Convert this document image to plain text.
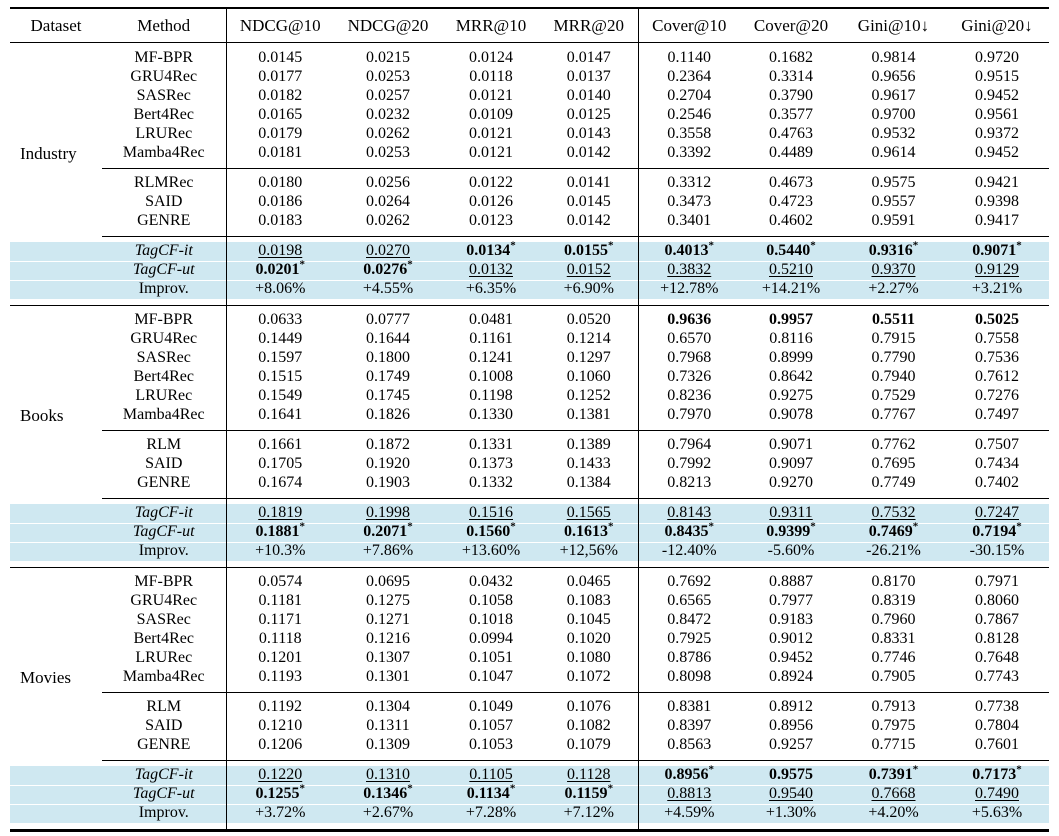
Dataset	Method	NDCG@10	NDCG@20	MRR@10	MRR@20	Cover@10	Cover@20	Gini@10↓	Gini@20↓

	MF-BPR	0.0145	0.0215	0.0124	0.0147	0.1140	0.1682	0.9814	0.9720
	GRU4Rec	0.0177	0.0253	0.0118	0.0137	0.2364	0.3314	0.9656	0.9515
	SASRec	0.0182	0.0257	0.0121	0.0140	0.2704	0.3790	0.9617	0.9452
	Bert4Rec	0.0165	0.0232	0.0109	0.0125	0.2546	0.3577	0.9700	0.9561
	LRURec	0.0179	0.0262	0.0121	0.0143	0.3558	0.4763	0.9532	0.9372
Industry	Mamba4Rec	0.0181	0.0253	0.0121	0.0142	0.3392	0.4489	0.9614	0.9452

	RLMRec	0.0180	0.0256	0.0122	0.0141	0.3312	0.4673	0.9575	0.9421
	SAID	0.0186	0.0264	0.0126	0.0145	0.3473	0.4723	0.9557	0.9398
	GENRE	0.0183	0.0262	0.0123	0.0142	0.3401	0.4602	0.9591	0.9417

	TagCF-it	0.0198	0.0270	0.0134*	0.0155*	0.4013*	0.5440*	0.9316*	0.9071*
	TagCF-ut	0.0201*	0.0276*	0.0132	0.0152	0.3832	0.5210	0.9370	0.9129
	Improv.	+8.06%	+4.55%	+6.35%	+6.90%	+12.78%	+14.21%	+2.27%	+3.21%

	MF-BPR	0.0633	0.0777	0.0481	0.0520	0.9636	0.9957	0.5511	0.5025
	GRU4Rec	0.1449	0.1644	0.1161	0.1214	0.6570	0.8116	0.7915	0.7558
	SASRec	0.1597	0.1800	0.1241	0.1297	0.7968	0.8999	0.7790	0.7536
	Bert4Rec	0.1515	0.1749	0.1008	0.1060	0.7326	0.8642	0.7940	0.7612
	LRURec	0.1549	0.1745	0.1198	0.1252	0.8236	0.9275	0.7529	0.7276
Books	Mamba4Rec	0.1641	0.1826	0.1330	0.1381	0.7970	0.9078	0.7767	0.7497

	RLM	0.1661	0.1872	0.1331	0.1389	0.7964	0.9071	0.7762	0.7507
	SAID	0.1705	0.1920	0.1373	0.1433	0.7992	0.9097	0.7695	0.7434
	GENRE	0.1674	0.1903	0.1332	0.1384	0.8213	0.9270	0.7749	0.7402

	TagCF-it	0.1819	0.1998	0.1516	0.1565	0.8143	0.9311	0.7532	0.7247
	TagCF-ut	0.1881*	0.2071*	0.1560*	0.1613*	0.8435*	0.9399*	0.7469*	0.7194*
	Improv.	+10.3%	+7.86%	+13.60%	+12,56%	-12.40%	-5.60%	-26.21%	-30.15%

	MF-BPR	0.0574	0.0695	0.0432	0.0465	0.7692	0.8887	0.8170	0.7971
	GRU4Rec	0.1181	0.1275	0.1058	0.1083	0.6565	0.7977	0.8319	0.8060
	SASRec	0.1171	0.1271	0.1018	0.1045	0.8472	0.9183	0.7960	0.7867
	Bert4Rec	0.1118	0.1216	0.0994	0.1020	0.7925	0.9012	0.8331	0.8128
	LRURec	0.1201	0.1307	0.1051	0.1080	0.8786	0.9452	0.7746	0.7648
Movies	Mamba4Rec	0.1193	0.1301	0.1047	0.1072	0.8098	0.8924	0.7905	0.7743

	RLM	0.1192	0.1304	0.1049	0.1076	0.8381	0.8912	0.7913	0.7738
	SAID	0.1210	0.1311	0.1057	0.1082	0.8397	0.8956	0.7975	0.7804
	GENRE	0.1206	0.1309	0.1053	0.1079	0.8563	0.9257	0.7715	0.7601

	TagCF-it	0.1220	0.1310	0.1105	0.1128	0.8956*	0.9575	0.7391*	0.7173*
	TagCF-ut	0.1255*	0.1346*	0.1134*	0.1159*	0.8813	0.9540	0.7668	0.7490
	Improv.	+3.72%	+2.67%	+7.28%	+7.12%	+4.59%	+1.30%	+4.20%	+5.63%
